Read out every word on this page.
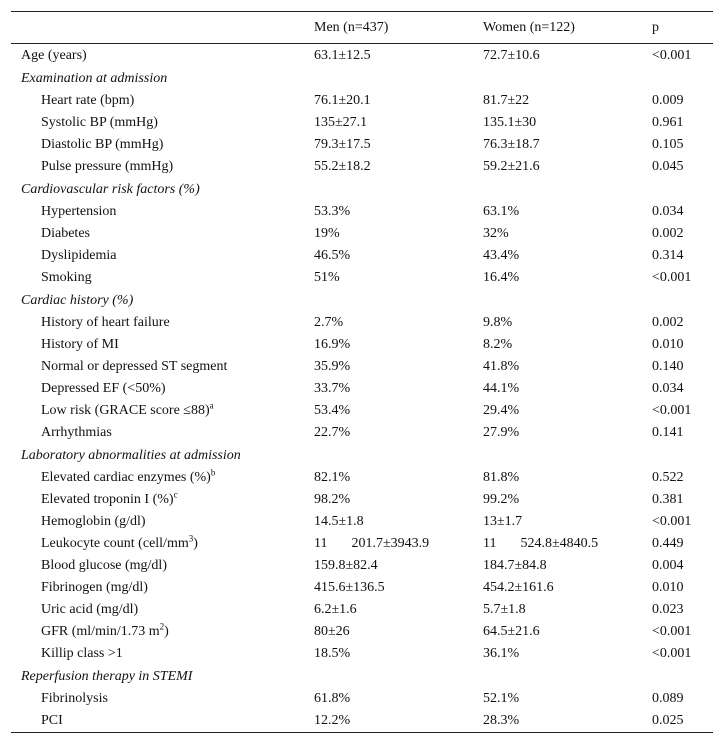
	Men (n=437)	Women (n=122)	p
Age (years)	63.1±12.5	72.7±10.6	<0.001
Examination at admission			
Heart rate (bpm)	76.1±20.1	81.7±22	0.009
Systolic BP (mmHg)	135±27.1	135.1±30	0.961
Diastolic BP (mmHg)	79.3±17.5	76.3±18.7	0.105
Pulse pressure (mmHg)	55.2±18.2	59.2±21.6	0.045
Cardiovascular risk factors (%)			
Hypertension	53.3%	63.1%	0.034
Diabetes	19%	32%	0.002
Dyslipidemia	46.5%	43.4%	0.314
Smoking	51%	16.4%	<0.001
Cardiac history (%)			
History of heart failure	2.7%	9.8%	0.002
History of MI	16.9%	8.2%	0.010
Normal or depressed ST segment	35.9%	41.8%	0.140
Depressed EF (<50%)	33.7%	44.1%	0.034
Low risk (GRACE score ≤88)$^a$	53.4%	29.4%	<0.001
Arrhythmias	22.7%	27.9%	0.141
Laboratory abnormalities at admission			
Elevated cardiac enzymes (%)$^b$	82.1%	81.8%	0.522
Elevated troponin I (%)$^c$	98.2%	99.2%	0.381
Hemoglobin (g/dl)	14.5±1.8	13±1.7	<0.001
Leukocyte count $(cell/mm^3)$	11 201.7±3943.9	11 524.8±4840.5	0.449
Blood glucose (mg/dl)	159.8±82.4	184.7±84.8	0.004
Fibrinogen (mg/dl)	415.6±136.5	454.2±161.6	0.010
Uric acid (mg/dl)	6.2±1.6	5.7±1.8	0.023
GFR (ml/min/1.73 $m^2$)	80±26	64.5±21.6	<0.001
Killip class >1	18.5%	36.1%	<0.001
Reperfusion therapy in STEMI			
Fibrinolysis	61.8%	52.1%	0.089
PCI	12.2%	28.3%	0.025
